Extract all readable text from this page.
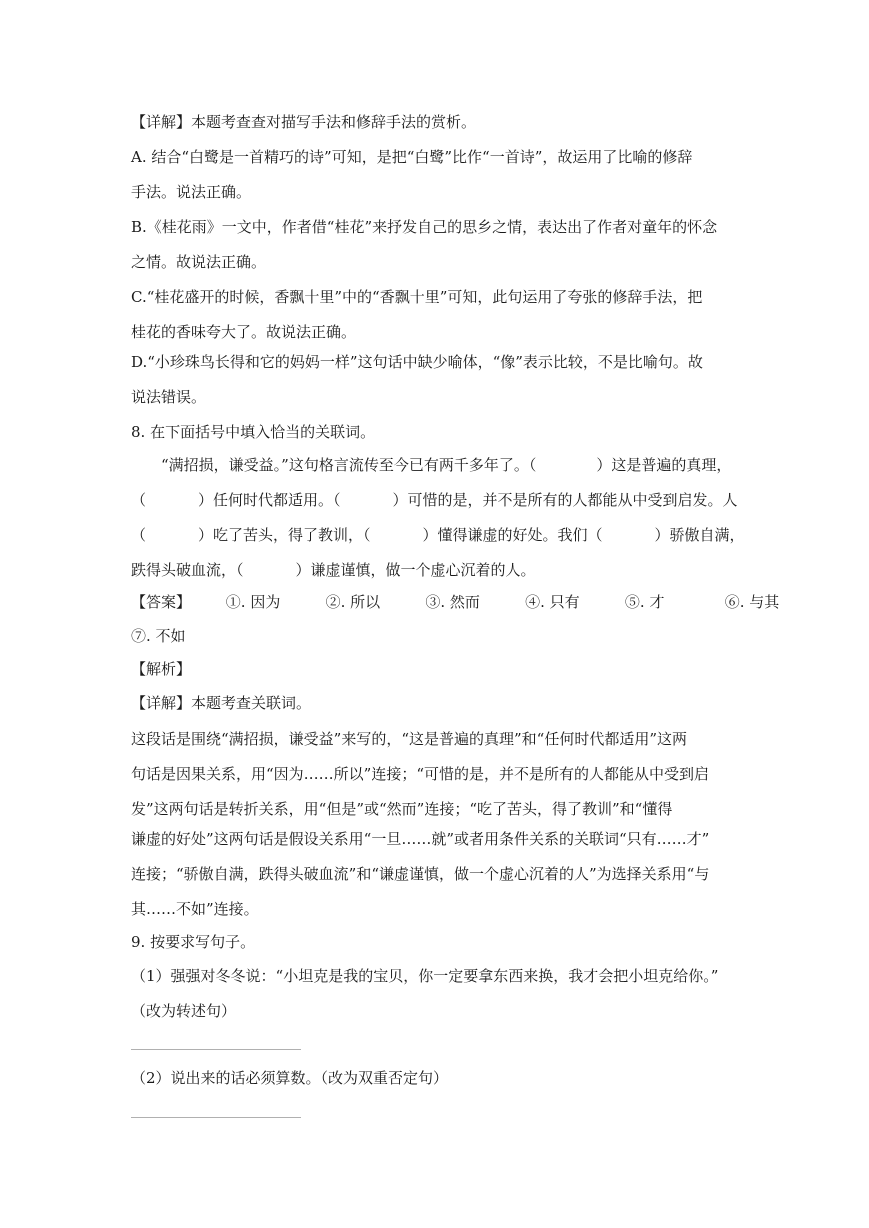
【详解】本题考查查对描写手法和修辞手法的赏析。
A. 结合“白鹭是一首精巧的诗”可知，是把“白鹭”比作“一首诗”，故运用了比喻的修辞
手法。说法正确。
B.《桂花雨》一文中，作者借“桂花”来抒发自己的思乡之情，表达出了作者对童年的怀念
之情。故说法正确。
C.“桂花盛开的时候，香飘十里”中的“香飘十里”可知，此句运用了夸张的修辞手法，把
桂花的香味夸大了。故说法正确。
D.“小珍珠鸟长得和它的妈妈一样”这句话中缺少喻体，“像”表示比较，不是比喻句。故
说法错误。
8. 在下面括号中填入恰当的关联词。
“满招损，谦受益。”这句格言流传至今已有两千多年了。（	）这是普遍的真理，
（	）任何时代都适用。（	）可惜的是，并不是所有的人都能从中受到启发。人
（	）吃了苦头，得了教训，（	）懂得谦虚的好处。我们（	）骄傲自满，
跌得头破血流，（	）谦虚谨慎，做一个虚心沉着的人。
【答案】 ①. 因为	②. 所以	③. 然而	④. 只有	⑤. 才	⑥. 与其
⑦. 不如
【解析】
【详解】本题考查关联词。
这段话是围绕“满招损，谦受益”来写的，“这是普遍的真理”和“任何时代都适用”这两
句话是因果关系，用“因为……所以”连接；“可惜的是，并不是所有的人都能从中受到启
发”这两句话是转折关系，用“但是”或“然而”连接；“吃了苦头，得了教训”和“懂得
谦虚的好处”这两句话是假设关系用“一旦……就”或者用条件关系的关联词“只有……才”
连接；“骄傲自满，跌得头破血流”和“谦虚谨慎，做一个虚心沉着的人”为选择关系用“与
其……不如”连接。
9. 按要求写句子。
（1）强强对冬冬说：“小坦克是我的宝贝，你一定要拿东西来换，我才会把小坦克给你。”
（改为转述句）
（2）说出来的话必须算数。（改为双重否定句）
